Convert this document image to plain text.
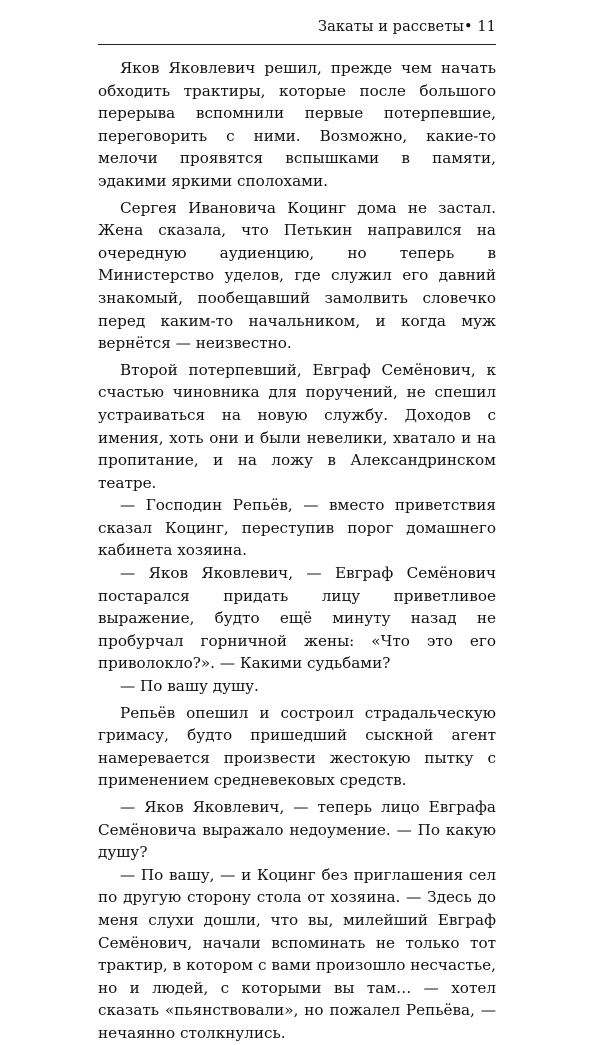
Закаты и рассветы• 11

Яков Яковлевич решил, прежде чем начать обходить трактиры, которые после большого перерыва вспомнили первые потерпевшие, переговорить с ними. Возможно, какие-то мелочи проявятся вспышками в памяти, эдакими яркими сполохами.

Сергея Ивановича Коцинг дома не застал. Жена сказала, что Петькин направился на очередную аудиенцию, но теперь в Министерство уделов, где служил его давний знакомый, пообещавший замолвить словечко перед каким-то начальником, и когда муж вернётся — неизвестно.

Второй потерпевший, Евграф Семёнович, к счастью чиновника для поручений, не спешил устраиваться на новую службу. Доходов с имения, хоть они и были невелики, хватало и на пропитание, и на ложу в Александринском театре.

— Господин Репьёв, — вместо приветствия сказал Коцинг, переступив порог домашнего кабинета хозяина.

— Яков Яковлевич, — Евграф Семёнович постарался придать лицу приветливое выражение, будто ещё минуту назад не пробурчал горничной жены: «Что это его приволокло?». — Какими судьбами?

— По вашу душу.

Репьёв опешил и состроил страдальческую гримасу, будто пришедший сыскной агент намеревается произвести жестокую пытку с применением средневековых средств.

— Яков Яковлевич, — теперь лицо Евграфа Семёновича выражало недоумение. — По какую душу?

— По вашу, — и Коцинг без приглашения сел по другую сторону стола от хозяина. — Здесь до меня слухи дошли, что вы, милейший Евграф Семёнович, начали вспоминать не только тот трактир, в котором с вами произошло несчастье, но и людей, с которыми вы там… — хотел сказать «пьянствовали», но пожалел Репьёва, — нечаянно столкнулись.
